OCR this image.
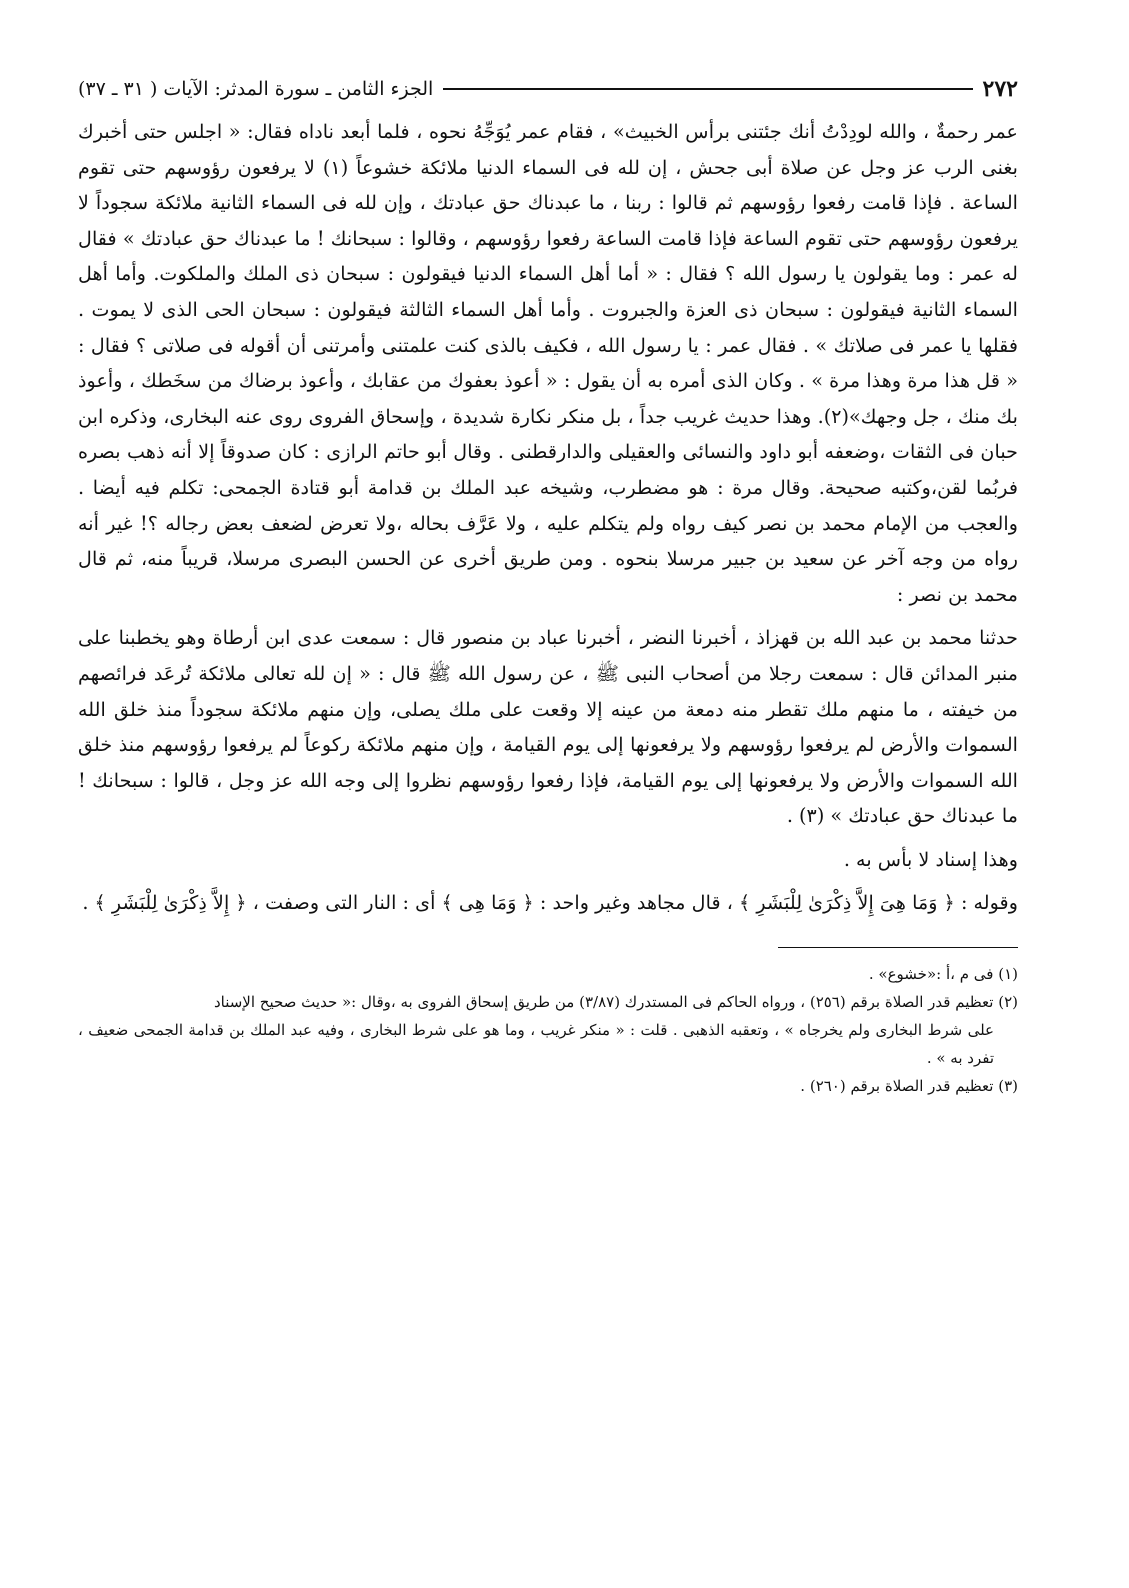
٢٧٢
الجزء الثامن ـ سورة المدثر: الآيات ( ٣١ ـ ٣٧)

عمر رحمةٌ ، والله لودِدْتُ أنك جئتنى برأس الخبيث» ، فقام عمر يُوَجِّهُ نحوه ، فلما أبعد ناداه فقال: « اجلس حتى أخبرك بغنى الرب عز وجل عن صلاة أبى جحش ، إن لله فى السماء الدنيا ملائكة خشوعاً (١) لا يرفعون رؤوسهم حتى تقوم الساعة . فإذا قامت رفعوا رؤوسهم ثم قالوا : ربنا ، ما عبدناك حق عبادتك ، وإن لله فى السماء الثانية ملائكة سجوداً لا يرفعون رؤوسهم حتى تقوم الساعة فإذا قامت الساعة رفعوا رؤوسهم ، وقالوا : سبحانك ! ما عبدناك حق عبادتك » فقال له عمر : وما يقولون يا رسول الله ؟ فقال : « أما أهل السماء الدنيا فيقولون : سبحان ذى الملك والملكوت. وأما أهل السماء الثانية فيقولون : سبحان ذى العزة والجبروت . وأما أهل السماء الثالثة فيقولون : سبحان الحى الذى لا يموت . فقلها يا عمر فى صلاتك » . فقال عمر : يا رسول الله ، فكيف بالذى كنت علمتنى وأمرتنى أن أقوله فى صلاتى ؟ فقال : « قل هذا مرة وهذا مرة » . وكان الذى أمره به أن يقول : « أعوذ بعفوك من عقابك ، وأعوذ برضاك من سخَطك ، وأعوذ بك منك ، جل وجهك»(٢). وهذا حديث غريب جداً ، بل منكر نكارة شديدة ، وإسحاق الفروى روى عنه البخارى، وذكره ابن حبان فى الثقات ،وضعفه أبو داود والنسائى والعقيلى والدارقطنى . وقال أبو حاتم الرازى : كان صدوقاً إلا أنه ذهب بصره فربُما لقن،وكتبه صحيحة. وقال مرة : هو مضطرب، وشيخه عبد الملك بن قدامة أبو قتادة الجمحى: تكلم فيه أيضا . والعجب من الإمام محمد بن نصر كيف رواه ولم يتكلم عليه ، ولا عَرَّف بحاله ،ولا تعرض لضعف بعض رجاله ؟! غير أنه رواه من وجه آخر عن سعيد بن جبير مرسلا بنحوه . ومن طريق أخرى عن الحسن البصرى مرسلا، قريباً منه، ثم قال محمد بن نصر :

حدثنا محمد بن عبد الله بن قهزاذ ، أخبرنا النضر ، أخبرنا عباد بن منصور قال : سمعت عدى ابن أرطاة وهو يخطبنا على منبر المدائن قال : سمعت رجلا من أصحاب النبى ﷺ ، عن رسول الله ﷺ قال : « إن لله تعالى ملائكة تُرعَد فرائصهم من خيفته ، ما منهم ملك تقطر منه دمعة من عينه إلا وقعت على ملك يصلى، وإن منهم ملائكة سجوداً منذ خلق الله السموات والأرض لم يرفعوا رؤوسهم ولا يرفعونها إلى يوم القيامة ، وإن منهم ملائكة ركوعاً لم يرفعوا رؤوسهم منذ خلق الله السموات والأرض ولا يرفعونها إلى يوم القيامة، فإذا رفعوا رؤوسهم نظروا إلى وجه الله عز وجل ، قالوا : سبحانك ! ما عبدناك حق عبادتك » (٣) .

وهذا إسناد لا بأس به .

وقوله : ﴿ وَمَا هِىَ إِلاَّ ذِكْرَىٰ لِلْبَشَرِ ﴾ ، قال مجاهد وغير واحد : ﴿ وَمَا هِى ﴾ أى : النار التى وصفت ، ﴿ إِلاَّ ذِكْرَىٰ لِلْبَشَرِ ﴾ .

(١) فى م ،أ :«خشوع» .

(٢) تعظيم قدر الصلاة برقم (٢٥٦) ، ورواه الحاكم فى المستدرك (٣/٨٧) من طريق إسحاق الفروى به ،وقال :« حديث صحيح الإسناد

على شرط البخارى ولم يخرجاه » ، وتعقبه الذهبى . قلت : « منكر غريب ، وما هو على شرط البخارى ، وفيه عبد الملك بن قدامة الجمحى ضعيف ، تفرد به » .

(٣) تعظيم قدر الصلاة برقم (٢٦٠) .
